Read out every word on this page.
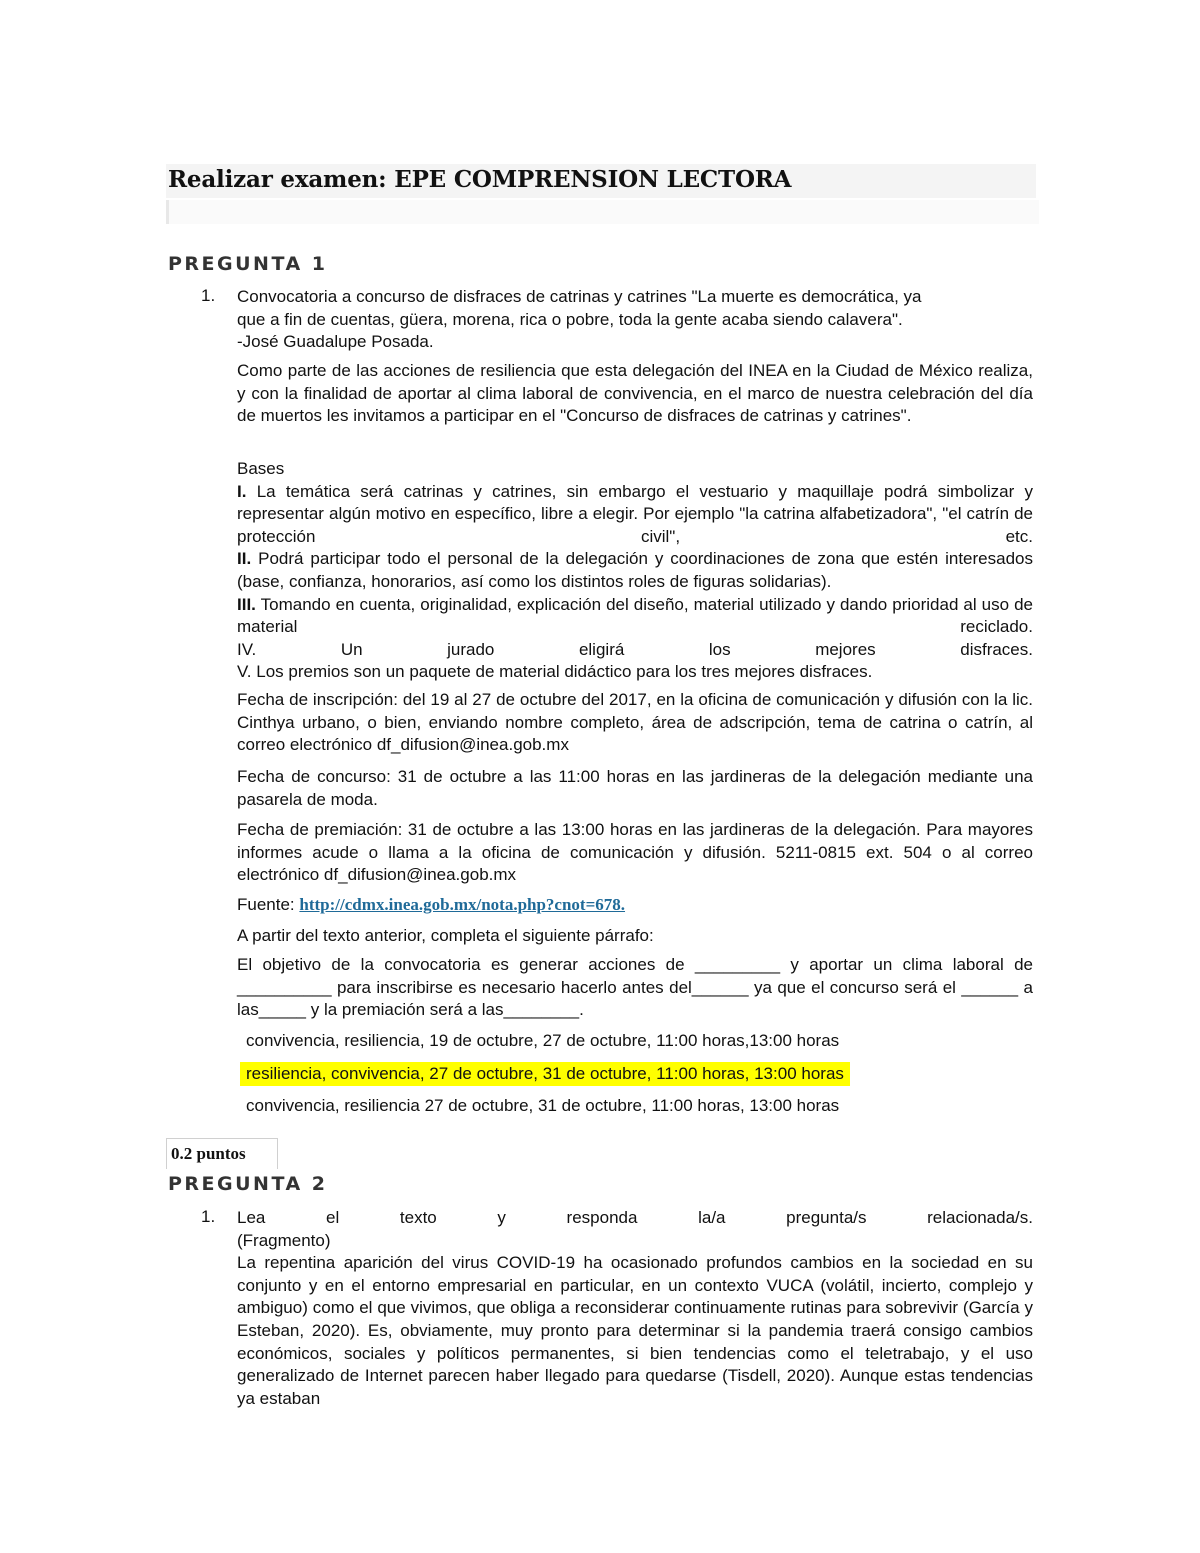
Realizar examen: EPE COMPRENSION LECTORA
PREGUNTA 1
1. Convocatoria a concurso de disfraces de catrinas y catrines "La muerte es democrática, ya
que a fin de cuentas, güera, morena, rica o pobre, toda la gente acaba siendo calavera".
-José Guadalupe Posada.
Como parte de las acciones de resiliencia que esta delegación del INEA en la Ciudad de México realiza, y con la finalidad de aportar al clima laboral de convivencia, en el marco de nuestra celebración del día de muertos les invitamos a participar en el "Concurso de disfraces de catrinas y catrines".
Bases
I. La temática será catrinas y catrines, sin embargo el vestuario y maquillaje podrá simbolizar y representar algún motivo en específico, libre a elegir. Por ejemplo "la catrina alfabetizadora", "el catrín de protección civil", etc.
II. Podrá participar todo el personal de la delegación y coordinaciones de zona que estén interesados (base, confianza, honorarios, así como los distintos roles de figuras solidarias).
III. Tomando en cuenta, originalidad, explicación del diseño, material utilizado y dando prioridad al uso de material reciclado.
IV.	Un jurado eligirá los mejores disfraces.
V. Los premios son un paquete de material didáctico para los tres mejores disfraces.
Fecha de inscripción: del 19 al 27 de octubre del 2017, en la oficina de comunicación y difusión con la lic. Cinthya urbano, o bien, enviando nombre completo, área de adscripción, tema de catrina o catrín, al correo electrónico df_difusion@inea.gob.mx
Fecha de concurso: 31 de octubre a las 11:00 horas en las jardineras de la delegación mediante una pasarela de moda.
Fecha de premiación: 31 de octubre a las 13:00 horas en las jardineras de la delegación. Para mayores informes acude o llama a la oficina de comunicación y difusión. 5211-0815 ext. 504 o al correo electrónico df_difusion@inea.gob.mx
Fuente: http://cdmx.inea.gob.mx/nota.php?cnot=678.
A partir del texto anterior, completa el siguiente párrafo:
El objetivo de la convocatoria es generar acciones de _________ y aportar un clima laboral de __________ para inscribirse es necesario hacerlo antes del______ ya que el concurso será el ______ a las_____ y la premiación será a las________.
convivencia, resiliencia, 19 de octubre, 27 de octubre, 11:00 horas,13:00 horas
resiliencia, convivencia, 27 de octubre, 31 de octubre, 11:00 horas, 13:00 horas
convivencia, resiliencia 27 de octubre, 31 de octubre, 11:00 horas, 13:00 horas
0.2 puntos
PREGUNTA 2
1. Lea el texto y responda la/a pregunta/s relacionada/s.
(Fragmento)
La repentina aparición del virus COVID-19 ha ocasionado profundos cambios en la sociedad en su conjunto y en el entorno empresarial en particular, en un contexto VUCA (volátil, incierto, complejo y ambiguo) como el que vivimos, que obliga a reconsiderar continuamente rutinas para sobrevivir (García y Esteban, 2020). Es, obviamente, muy pronto para determinar si la pandemia traerá consigo cambios económicos, sociales y políticos permanentes, si bien tendencias como el teletrabajo, y el uso generalizado de Internet parecen haber llegado para quedarse (Tisdell, 2020). Aunque estas tendencias ya estaban
